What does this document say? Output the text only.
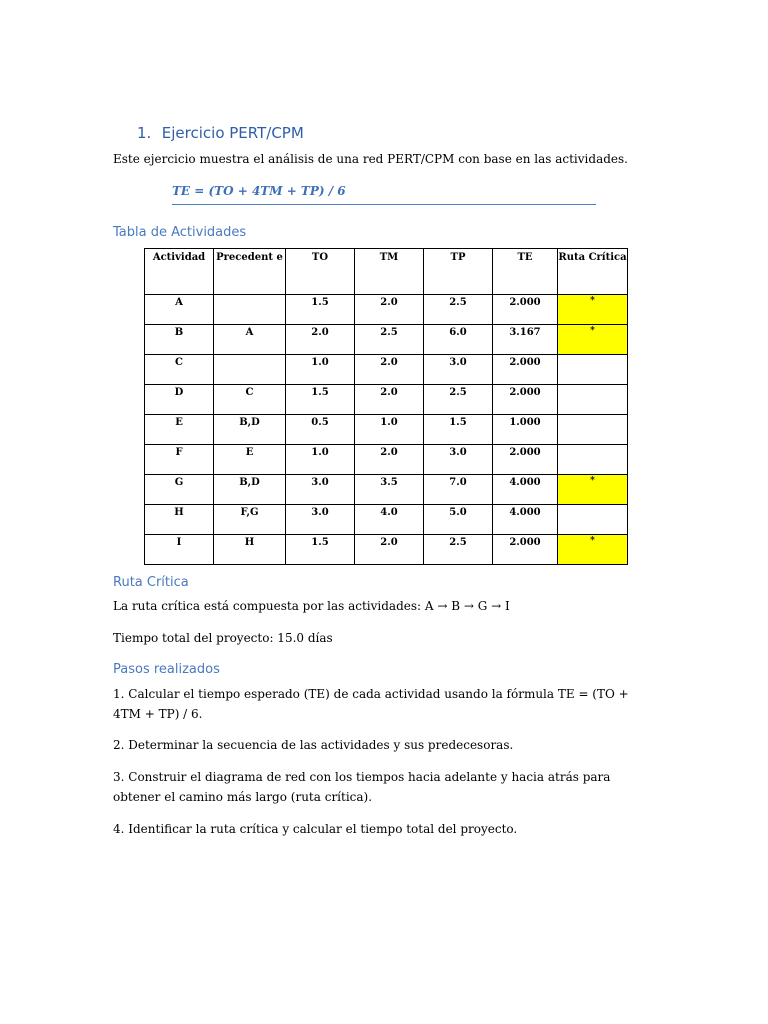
1. Ejercicio PERT/CPM

Este ejercicio muestra el análisis de una red PERT/CPM con base en las actividades.

TE = (TO + 4TM + TP) / 6
Tabla de Actividades
Actividad	Precedent e	TO	TM	TP	TE	Ruta Crítica
A		1.5	2.0	2.5	2.000	*

B	A	2.0	2.5	6.0	3.167	*

C		1.0	2.0	3.0	2.000	

D	C	1.5	2.0	2.5	2.000	

E	B,D	0.5	1.0	1.5	1.000	

F	E	1.0	2.0	3.0	2.000	

G	B,D	3.0	3.5	7.0	4.000	*

H	F,G	3.0	4.0	5.0	4.000	

I	H	1.5	2.0	2.5	2.000	*
Ruta Crítica

La ruta crítica está compuesta por las actividades: A → B → G → I

Tiempo total del proyecto: 15.0 días

Pasos realizados

1. Calcular el tiempo esperado (TE) de cada actividad usando la fórmula TE = (TO + 4TM + TP) / 6.

2. Determinar la secuencia de las actividades y sus predecesoras.

3. Construir el diagrama de red con los tiempos hacia adelante y hacia atrás para obtener el camino más largo (ruta crítica).

4. Identificar la ruta crítica y calcular el tiempo total del proyecto.
